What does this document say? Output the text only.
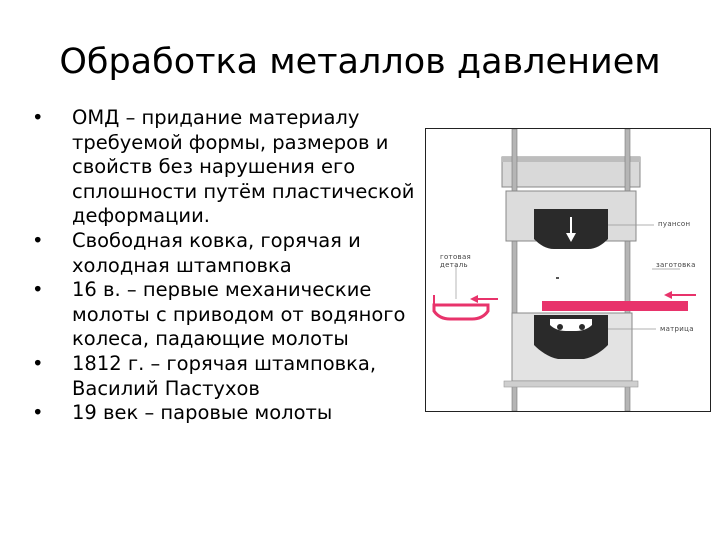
Обработка металлов давлением
• ОМД – придание материалу требуемой формы, размеров и свойств без нарушения его сплошности путём пластической деформации.
• Свободная ковка, горячая и холодная штамповка
• 16 в. – первые механические молоты с приводом от водяного колеса, падающие молоты
• 1812 г. – горячая штамповка, Василий Пастухов
• 19 век – паровые молоты
пуансон
заготовка
готовая деталь
матрица
